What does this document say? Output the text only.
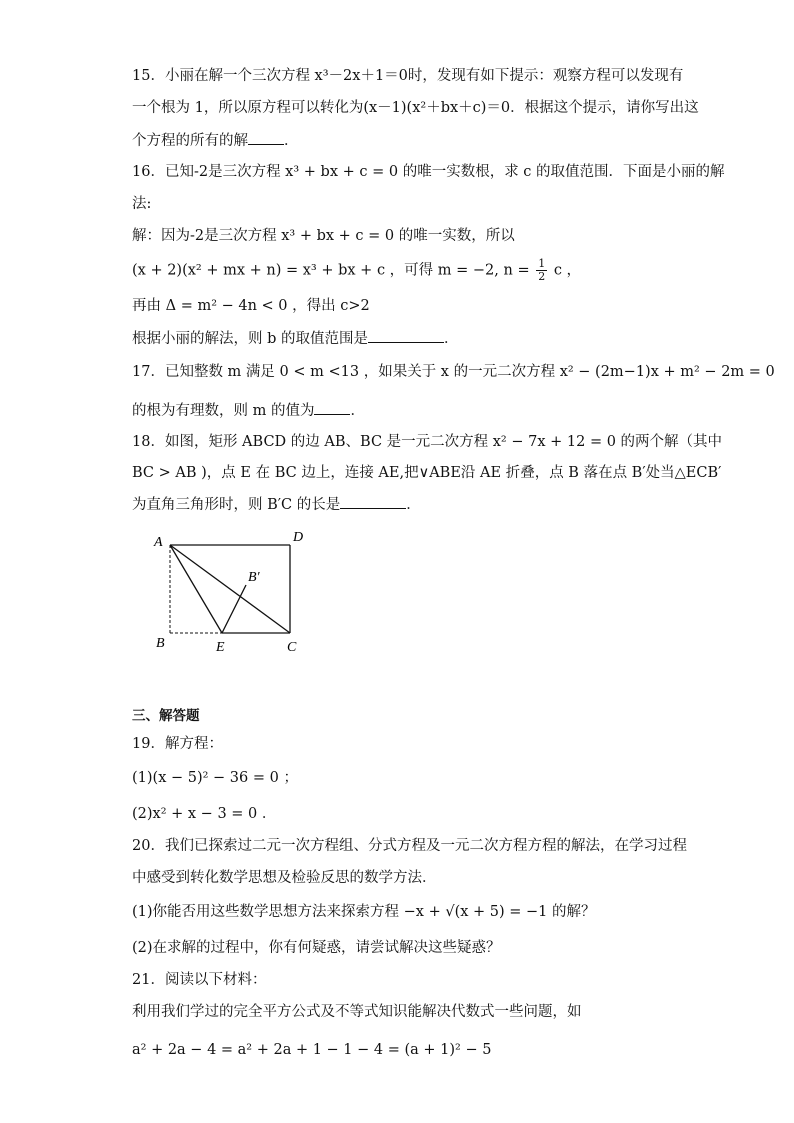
15．小丽在解一个三次方程 x³－2x＋1＝0时，发现有如下提示：观察方程可以发现有
一个根为 1，所以原方程可以转化为(x－1)(x²＋bx＋c)＝0．根据这个提示，请你写出这
个方程的所有的解 ．
16．已知-2是三次方程 x³ + bx + c = 0 的唯一实数根，求 c 的取值范围．下面是小丽的解
法:
解：因为-2是三次方程 x³ + bx + c = 0 的唯一实数，所以
(x + 2)(x² + mx + n) = x³ + bx + c ，可得 m = −2, $n = \frac{1}{2}$ c ，
再由 Δ = m² − 4n < 0 ，得出 c>2
根据小丽的解法，则 b 的取值范围是	．
17．已知整数 m 满足 0 < m <13 ，如果关于 x 的一元二次方程 x² − (2m−1)x + m² − 2m = 0
的根为有理数，则 m 的值为 ．
18．如图，矩形 ABCD 的边 AB、BC 是一元二次方程 x² − 7x + 12 = 0 的两个解（其中
BC > AB )，点 E 在 BC 边上，连接 AE,把∨ABE沿 AE 折叠，点 B 落在点 B′处当△ECB′
为直角三角形时，则 B′C 的长是	．
A	D
B′
B	E	C
三、解答题
19．解方程：
(1)(x − 5)² − 36 = 0 ；
(2)x² + x − 3 = 0 ．
20．我们已探索过二元一次方程组、分式方程及一元二次方程方程的解法，在学习过程
中感受到转化数学思想及检验反思的数学方法．
(1)你能否用这些数学思想方法来探索方程 −x + √(x + 5) = −1 的解？
(2)在求解的过程中，你有何疑惑，请尝试解决这些疑惑？
21．阅读以下材料：
利用我们学过的完全平方公式及不等式知识能解决代数式一些问题，如
a² + 2a − 4 = a² + 2a + 1 − 1 − 4 = (a + 1)² − 5
